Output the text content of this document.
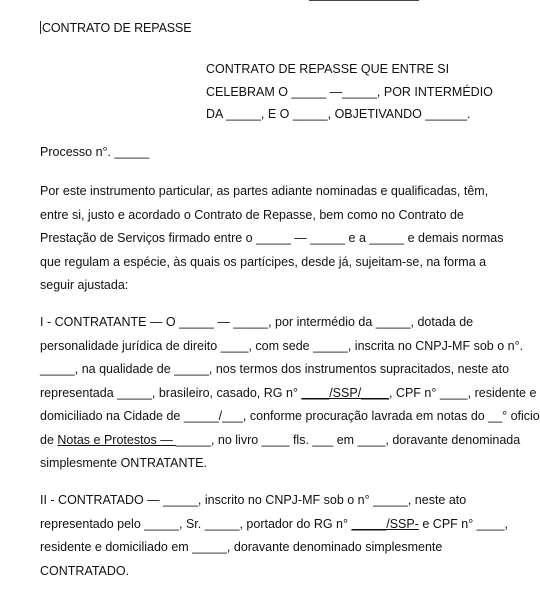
CONTRATO DE REPASSE
CONTRATO DE REPASSE QUE ENTRE SI
CELEBRAM O _____ —_____, POR INTERMÉDIO
DA _____, E O _____, OBJETIVANDO ______.
Processo n°. _____
Por este instrumento particular, as partes adiante nominadas e qualificadas, têm,
entre si, justo e acordado o Contrato de Repasse, bem como no Contrato de
Prestação de Serviços firmado entre o _____ — _____ e a _____ e demais normas
que regulam a espécie, às quais os partícipes, desde já, sujeitam-se, na forma a
seguir ajustada:
I - CONTRATANTE — O _____ — _____, por intermédio da _____, dotada de
personalidade jurídica de direito ____, com sede _____, inscrita no CNPJ-MF sob o n°.
_____, na qualidade de _____, nos termos dos instrumentos supracitados, neste ato
representada _____, brasileiro, casado, RG n° ____/SSP/____ , CPF n° ____, residente e
domiciliado na Cidade de _____/___, conforme procuração lavrada em notas do __° oficio
de Notas e Protestos — _____, no livro ____ fls. ___ em ____, doravante denominada
simplesmente ONTRATANTE.
II - CONTRATADO — _____, inscrito no CNPJ-MF sob o n° _____, neste ato
representado pelo _____, Sr. _____, portador do RG n° _____/SSP- e CPF n° ____,
residente e domiciliado em _____, doravante denominado simplesmente
CONTRATADO.
